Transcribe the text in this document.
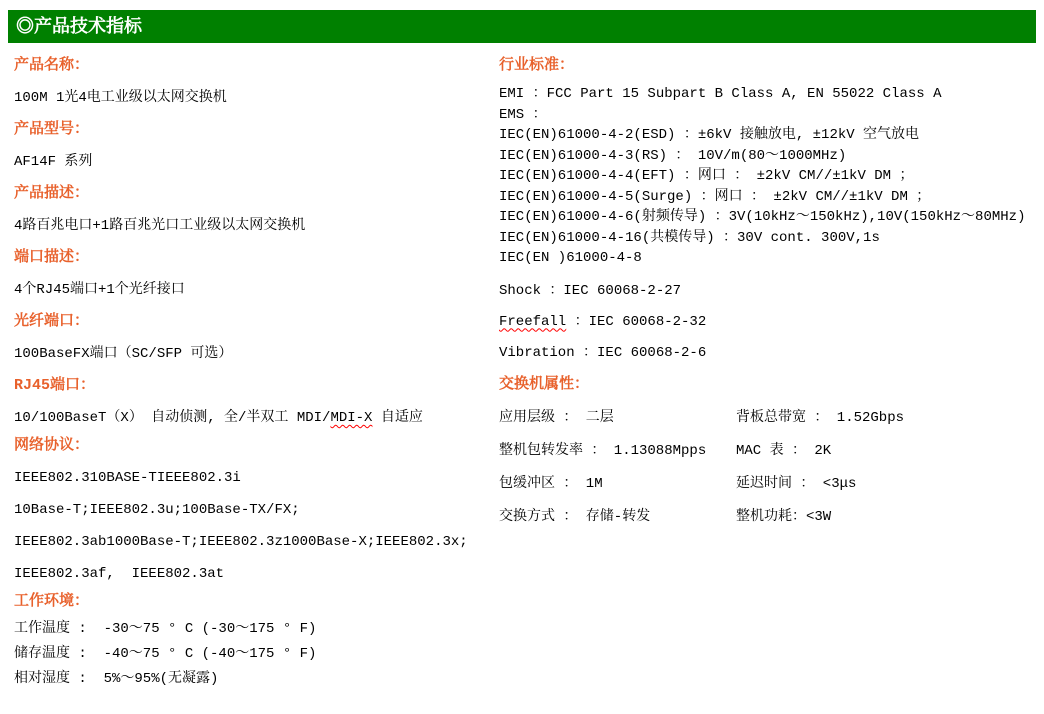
◎产品技术指标
产品名称：
100M 1光4电工业级以太网交换机
产品型号：
AF14F 系列
产品描述：
4路百兆电口+1路百兆光口工业级以太网交换机
端口描述：
4个RJ45端口+1个光纤接口
光纤端口：
100BaseFX端口（SC/SFP 可选）
RJ45端口：
10/100BaseT（X） 自动侦测, 全/半双工 MDI/MDI-X 自适应
网络协议：
IEEE802.310BASE-TIEEE802.3i
10Base-T;IEEE802.3u;100Base-TX/FX;
IEEE802.3ab1000Base-T;IEEE802.3z1000Base-X;IEEE802.3x;
IEEE802.3af,  IEEE802.3at
工作环境：
工作温度 :  -30～75 ° C (-30～175 ° F)
储存温度 :  -40～75 ° C (-40～175 ° F)
相对湿度 :  5%～95%(无凝露)
行业标准：
EMI ：FCC Part 15 Subpart B Class A, EN 55022 Class A
EMS ：
IEC(EN)61000-4-2(ESD) ：±6kV 接触放电, ±12kV 空气放电
IEC(EN)61000-4-3(RS) ： 10V/m(80～1000MHz)
IEC(EN)61000-4-4(EFT) ：网口 ： ±2kV CM//±1kV DM ；
IEC(EN)61000-4-5(Surge) ：网口 ： ±2kV CM//±1kV DM ；
IEC(EN)61000-4-6(射频传导) ：3V(10kHz～150kHz),10V(150kHz～80MHz)
IEC(EN)61000-4-16(共模传导) ：30V cont. 300V,1s
IEC(EN )61000-4-8
Shock ：IEC 60068-2-27
Freefall ：IEC 60068-2-32
Vibration ：IEC 60068-2-6
交换机属性：
应用层级 ： 二层	背板总带宽 ： 1.52Gbps
整机包转发率 ： 1.13088Mpps	MAC 表 ： 2K
包缓冲区 ： 1M	延迟时间 ： <3μs
交换方式 ： 存储-转发	整机功耗：<3W
